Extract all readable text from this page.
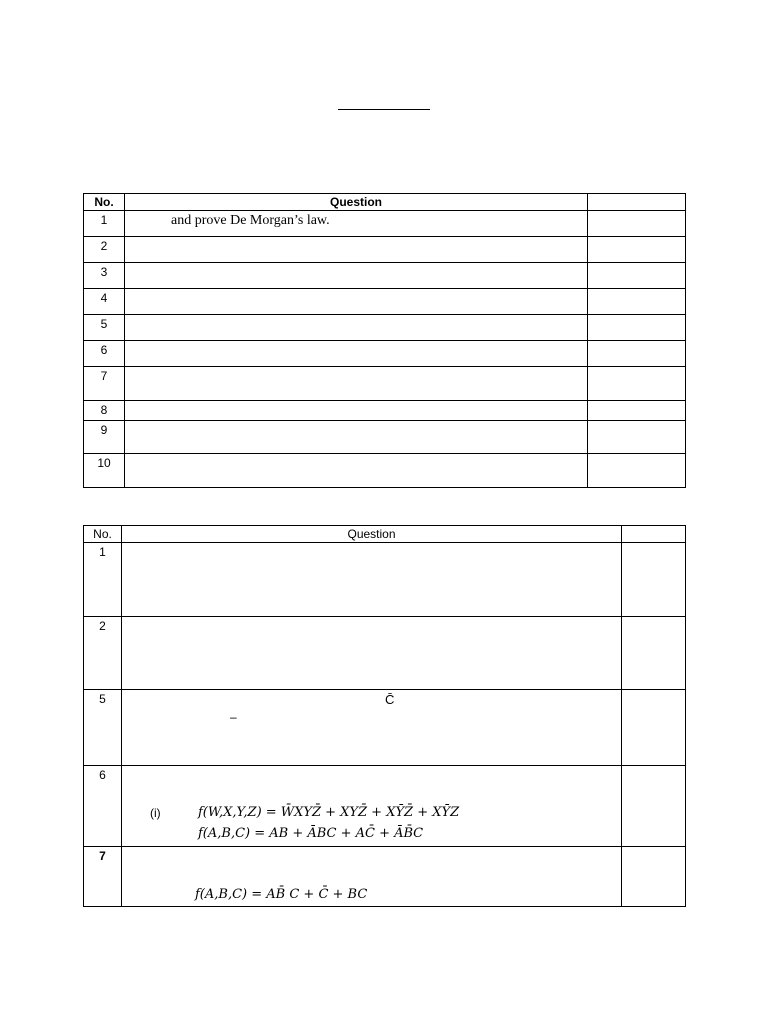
No.	Question	
1	and prove De Morgan’s law.	
2		
3		
4		
5		
6		
7		
8		
9		
10		
No.	Question	
1		
2		
5	C̄
–	

6	(i) f(W,X,Y,Z) = W̄XYZ̄ + XYZ̄ + XȲZ̄ + XȲZ
f(A,B,C) = AB + ĀBC + AC̄ + ĀB̄C	

7	f(A,B,C) = AB̄ C + C̄ + BC	
